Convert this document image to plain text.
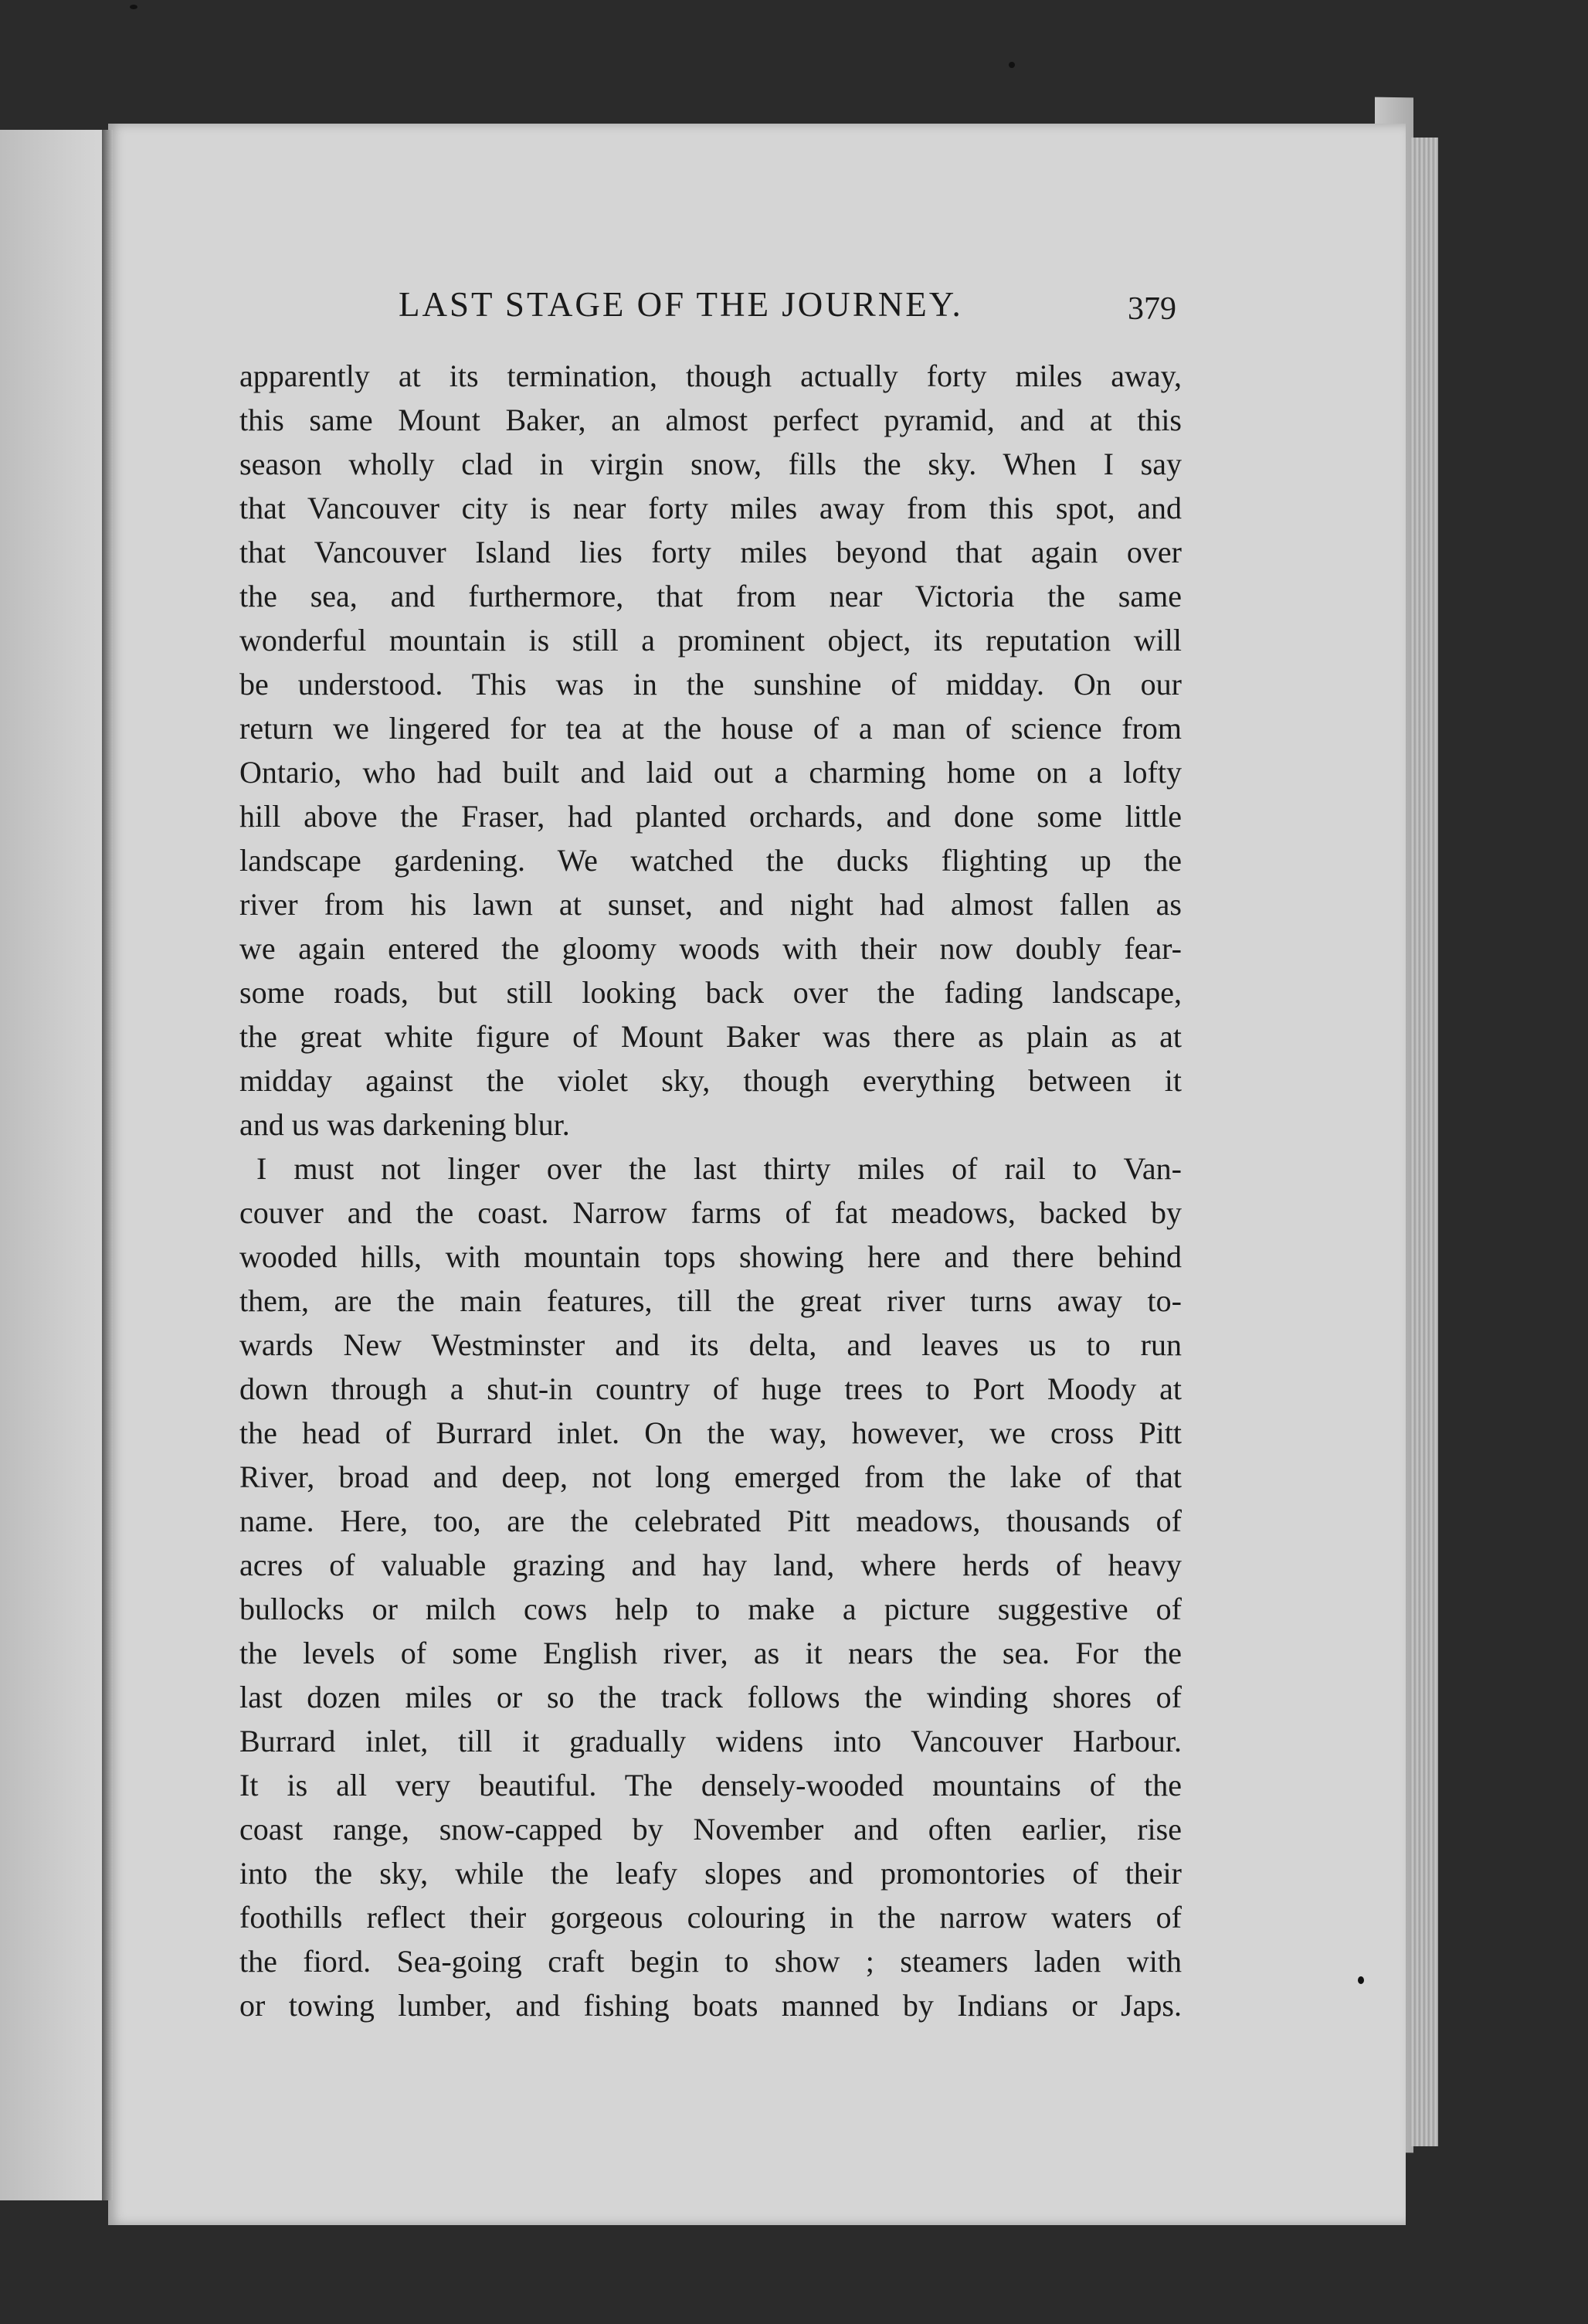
LAST STAGE OF THE JOURNEY.	379
apparently at its termination, though actually forty miles away,
this same Mount Baker, an almost perfect pyramid, and at this
season wholly clad in virgin snow, fills the sky. When I say
that Vancouver city is near forty miles away from this spot, and
that Vancouver Island lies forty miles beyond that again over
the sea, and furthermore, that from near Victoria the same
wonderful mountain is still a prominent object, its reputation will
be understood. This was in the sunshine of midday. On our
return we lingered for tea at the house of a man of science from
Ontario, who had built and laid out a charming home on a lofty
hill above the Fraser, had planted orchards, and done some little
landscape gardening. We watched the ducks flighting up the
river from his lawn at sunset, and night had almost fallen as
we again entered the gloomy woods with their now doubly fear-
some roads, but still looking back over the fading landscape,
the great white figure of Mount Baker was there as plain as at
midday against the violet sky, though everything between it
and us was darkening blur.
I must not linger over the last thirty miles of rail to Van-
couver and the coast. Narrow farms of fat meadows, backed by
wooded hills, with mountain tops showing here and there behind
them, are the main features, till the great river turns away to-
wards New Westminster and its delta, and leaves us to run
down through a shut-in country of huge trees to Port Moody at
the head of Burrard inlet. On the way, however, we cross Pitt
River, broad and deep, not long emerged from the lake of that
name. Here, too, are the celebrated Pitt meadows, thousands of
acres of valuable grazing and hay land, where herds of heavy
bullocks or milch cows help to make a picture suggestive of
the levels of some English river, as it nears the sea. For the
last dozen miles or so the track follows the winding shores of
Burrard inlet, till it gradually widens into Vancouver Harbour.
It is all very beautiful. The densely-wooded mountains of the
coast range, snow-capped by November and often earlier, rise
into the sky, while the leafy slopes and promontories of their
foothills reflect their gorgeous colouring in the narrow waters of
the fiord. Sea-going craft begin to show ; steamers laden with
or towing lumber, and fishing boats manned by Indians or Japs.
